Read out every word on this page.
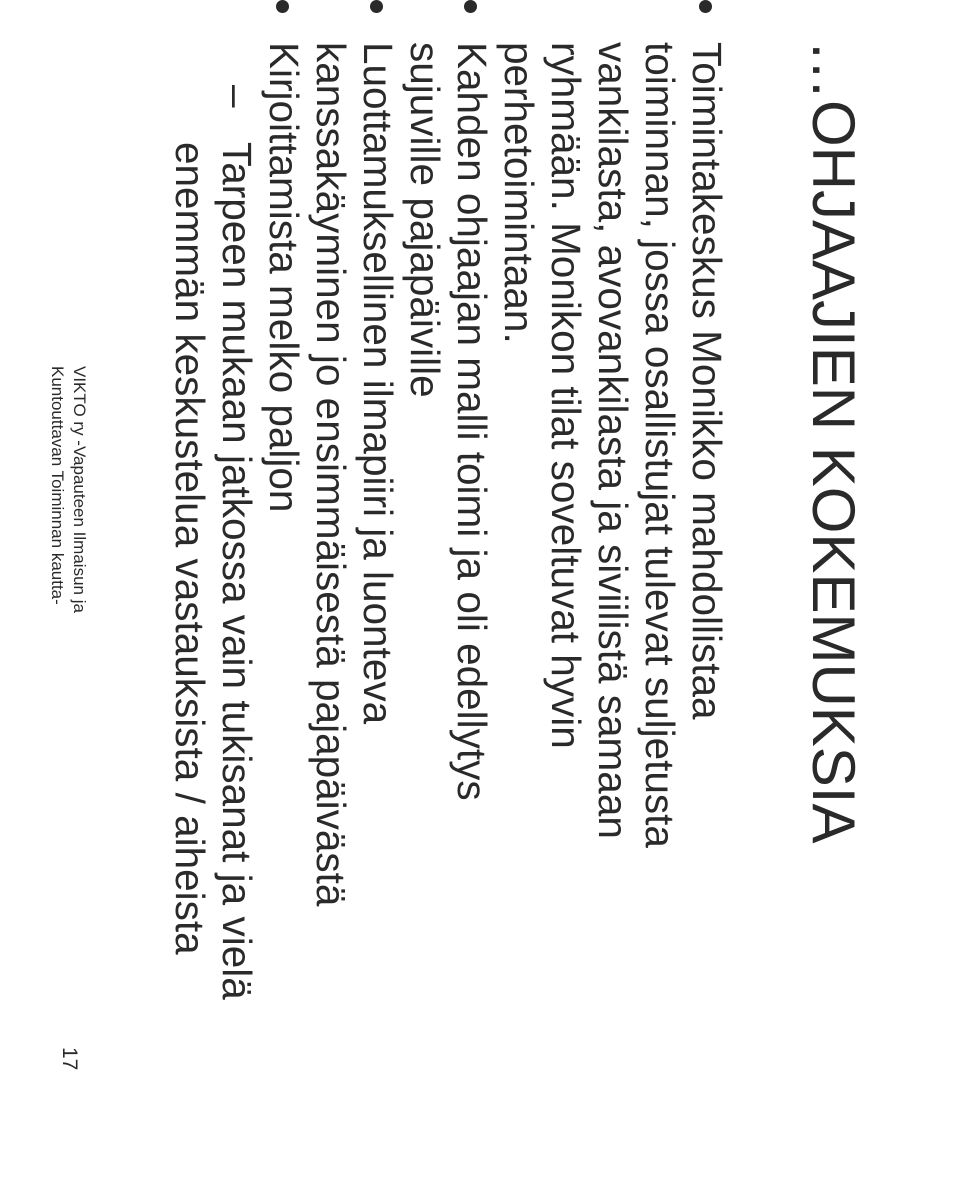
…OHJAAJIEN KOKEMUKSIA
Toimintakeskus Monikko mahdollistaa
toiminnan, jossa osallistujat tulevat suljetusta
vankilasta, avovankilasta ja siviilistä samaan
ryhmään. Monikon tilat soveltuvat hyvin
perhetoimintaan.
Kahden ohjaajan malli toimi ja oli edellytys
sujuville pajapäiville
Luottamuksellinen ilmapiiri ja luonteva
kanssakäyminen jo ensimmäisestä pajapäivästä
Kirjoittamista melko paljon
–
Tarpeen mukaan jatkossa vain tukisanat ja vielä
enemmän keskustelua vastauksista / aiheista
VIKTO ry -Vapauteen Ilmaisun ja
Kuntouttavan Toiminnan kautta-
17
